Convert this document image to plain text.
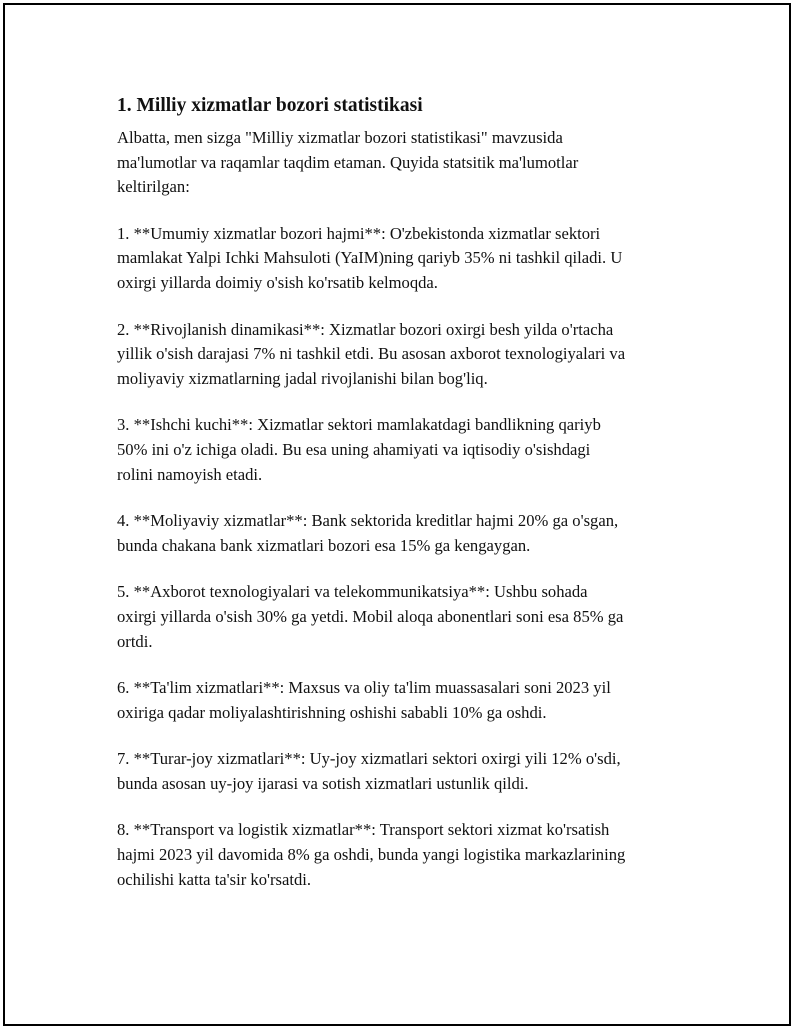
1. Milliy xizmatlar bozori statistikasi

Albatta, men sizga "Milliy xizmatlar bozori statistikasi" mavzusida
ma'lumotlar va raqamlar taqdim etaman. Quyida statsitik ma'lumotlar
keltirilgan:

1. **Umumiy xizmatlar bozori hajmi**: O'zbekistonda xizmatlar sektori
mamlakat Yalpi Ichki Mahsuloti (YaIM)ning qariyb 35% ni tashkil qiladi. U
oxirgi yillarda doimiy o'sish ko'rsatib kelmoqda.

2. **Rivojlanish dinamikasi**: Xizmatlar bozori oxirgi besh yilda o'rtacha
yillik o'sish darajasi 7% ni tashkil etdi. Bu asosan axborot texnologiyalari va
moliyaviy xizmatlarning jadal rivojlanishi bilan bog'liq.

3. **Ishchi kuchi**: Xizmatlar sektori mamlakatdagi bandlikning qariyb
50% ini o'z ichiga oladi. Bu esa uning ahamiyati va iqtisodiy o'sishdagi
rolini namoyish etadi.

4. **Moliyaviy xizmatlar**: Bank sektorida kreditlar hajmi 20% ga o'sgan,
bunda chakana bank xizmatlari bozori esa 15% ga kengaygan.

5. **Axborot texnologiyalari va telekommunikatsiya**: Ushbu sohada
oxirgi yillarda o'sish 30% ga yetdi. Mobil aloqa abonentlari soni esa 85% ga
ortdi.

6. **Ta'lim xizmatlari**: Maxsus va oliy ta'lim muassasalari soni 2023 yil
oxiriga qadar moliyalashtirishning oshishi sababli 10% ga oshdi.

7. **Turar-joy xizmatlari**: Uy-joy xizmatlari sektori oxirgi yili 12% o'sdi,
bunda asosan uy-joy ijarasi va sotish xizmatlari ustunlik qildi.

8. **Transport va logistik xizmatlar**: Transport sektori xizmat ko'rsatish
hajmi 2023 yil davomida 8% ga oshdi, bunda yangi logistika markazlarining
ochilishi katta ta'sir ko'rsatdi.
